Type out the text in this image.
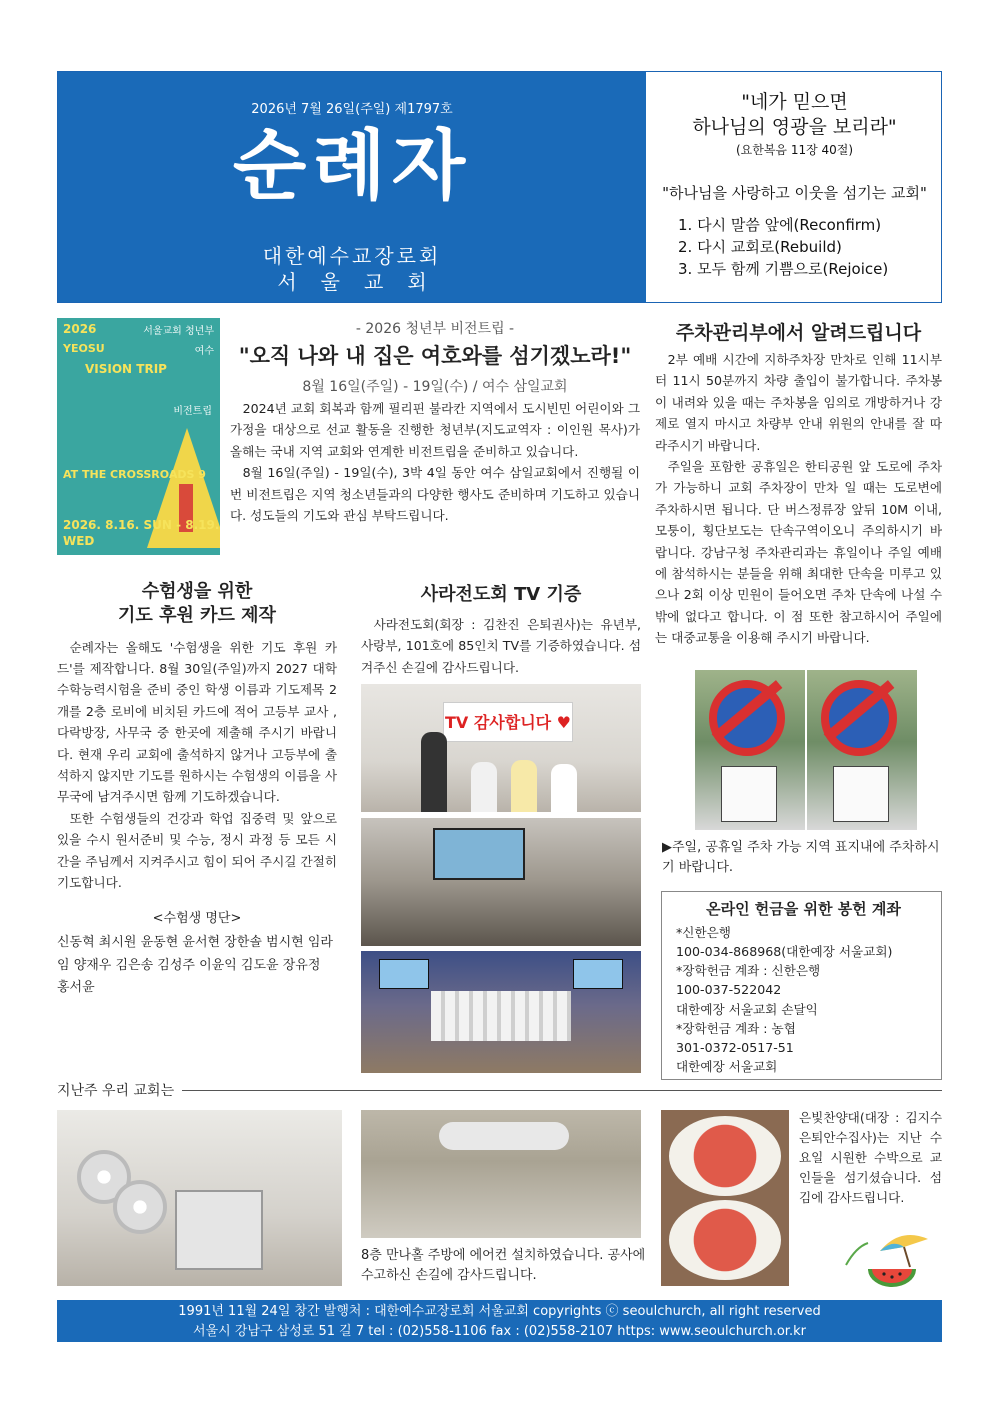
2026년 7월 26일(주일) 제1797호
순례자
대한예수교장로회
서울교회
"네가 믿으면
하나님의 영광을 보리라"
(요한복음 11장 40절)
"하나님을 사랑하고 이웃을 섬기는 교회"
1. 다시 말씀 앞에(Reconfirm)
2. 다시 교회로(Rebuild)
3. 모두 함께 기쁨으로(Rejoice)
2026	서울교회 청년부
YEOSU	여수
VISION TRIP
비전트립
AT THE CROSSROADS 9
2026. 8.16. SUN - 8.19. WED
- 2026 청년부 비전트립 -
"오직 나와 내 집은 여호와를 섬기겠노라!"
8월 16일(주일) - 19일(수) / 여수 삼일교회

2024년 교회 회복과 함께 필리핀 불라칸 지역에서 도시빈민 어린이와 그 가정을 대상으로 선교 활동을 진행한 청년부(지도교역자 : 이인원 목사)가 올해는 국내 지역 교회와 연계한 비전트립을 준비하고 있습니다.

8월 16일(주일) - 19일(수), 3박 4일 동안 여수 삼일교회에서 진행될 이번 비전트립은 지역 청소년들과의 다양한 행사도 준비하며 기도하고 있습니다. 성도들의 기도와 관심 부탁드립니다.

주차관리부에서 알려드립니다

2부 예배 시간에 지하주차장 만차로 인해 11시부터 11시 50분까지 차량 출입이 불가합니다. 주차봉이 내려와 있을 때는 주차봉을 임의로 개방하거나 강제로 열지 마시고 차량부 안내 위원의 안내를 잘 따라주시기 바랍니다.

주일을 포함한 공휴일은 한티공원 앞 도로에 주차가 가능하니 교회 주차장이 만차 일 때는 도로변에 주차하시면 됩니다. 단 버스정류장 앞뒤 10M 이내, 모퉁이, 횡단보도는 단속구역이오니 주의하시기 바랍니다. 강남구청 주차관리과는 휴일이나 주일 예배에 참석하시는 분들을 위해 최대한 단속을 미루고 있으나 2회 이상 민원이 들어오면 주차 단속에 나설 수밖에 없다고 합니다. 이 점 또한 참고하시어 주일에는 대중교통을 이용해 주시기 바랍니다.

▶주일, 공휴일 주차 가능 지역 표지내에 주차하시기 바랍니다.
온라인 헌금을 위한 봉헌 계좌
*신한은행
100-034-868968(대한예장 서울교회)
*장학헌금 계좌 : 신한은행
100-037-522042
대한예장 서울교회 손달익
*장학헌금 계좌 : 농협
301-0372-0517-51
대한예장 서울교회
수험생을 위한
기도 후원 카드 제작

순례자는 올해도 '수험생을 위한 기도 후원 카드'를 제작합니다. 8월 30일(주일)까지 2027 대학수학능력시험을 준비 중인 학생 이름과 기도제목 2개를 2층 로비에 비치된 카드에 적어 고등부 교사 , 다락방장, 사무국 중 한곳에 제출해 주시기 바랍니다. 현재 우리 교회에 출석하지 않거나 고등부에 출석하지 않지만 기도를 원하시는 수험생의 이름을 사무국에 남겨주시면 함께 기도하겠습니다.

또한 수험생들의 건강과 학업 집중력 및 앞으로 있을 수시 원서준비 및 수능, 정시 과정 등 모든 시간을 주님께서 지켜주시고 힘이 되어 주시길 간절히 기도합니다.

<수험생 명단>
신동혁 최시원 윤동현 윤서현 장한솔 범시현 임라임 양재우 김은송 김성주 이윤익 김도윤 장유정 홍서윤
사라전도회 TV 기증

사라전도회(회장 : 김찬진 은퇴권사)는 유년부, 사랑부, 101호에 85인치 TV를 기증하였습니다. 섬겨주신 손길에 감사드립니다.

TV 감사합니다 ♥
지난주 우리 교회는
8층 만나홀 주방에 에어컨 설치하였습니다. 공사에 수고하신 손길에 감사드립니다.
은빛찬양대(대장 : 김지수 은퇴안수집사)는 지난 수요일 시원한 수박으로 교인들을 섬기셨습니다. 섬김에 감사드립니다.
1991년 11월 24일 창간 발행처 : 대한예수교장로회 서울교회 copyrights ⓒ seoulchurch, all right reserved
서울시 강남구 삼성로 51 길 7 tel : (02)558-1106 fax : (02)558-2107 https: www.seoulchurch.or.kr
